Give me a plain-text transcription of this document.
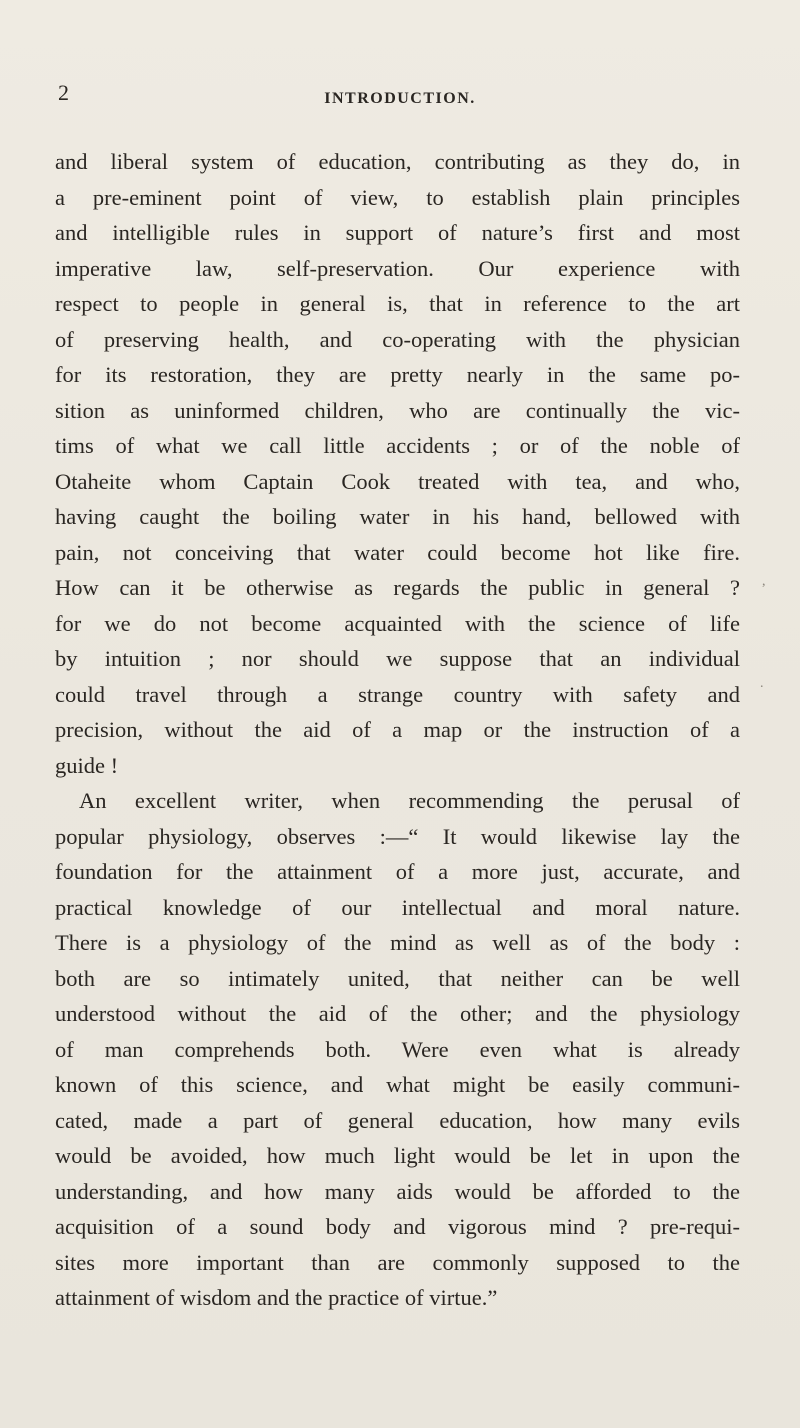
2	INTRODUCTION.
and liberal system of education, contributing as they do, in
a pre-eminent point of view, to establish plain principles
and intelligible rules in support of nature’s first and most
imperative law, self-preservation. Our experience with
respect to people in general is, that in reference to the art
of preserving health, and co-operating with the physician
for its restoration, they are pretty nearly in the same po-
sition as uninformed children, who are continually the vic-
tims of what we call little accidents ; or of the noble of
Otaheite whom Captain Cook treated with tea, and who,
having caught the boiling water in his hand, bellowed with
pain, not conceiving that water could become hot like fire.
How can it be otherwise as regards the public in general ?
for we do not become acquainted with the science of life
by intuition ; nor should we suppose that an individual
could travel through a strange country with safety and
precision, without the aid of a map or the instruction of a
guide !
An excellent writer, when recommending the perusal of
popular physiology, observes :—“ It would likewise lay the
foundation for the attainment of a more just, accurate, and
practical knowledge of our intellectual and moral nature.
There is a physiology of the mind as well as of the body :
both are so intimately united, that neither can be well
understood without the aid of the other; and the physiology
of man comprehends both. Were even what is already
known of this science, and what might be easily communi-
cated, made a part of general education, how many evils
would be avoided, how much light would be let in upon the
understanding, and how many aids would be afforded to the
acquisition of a sound body and vigorous mind ? pre-requi-
sites more important than are commonly supposed to the
attainment of wisdom and the practice of virtue.”
,
.
